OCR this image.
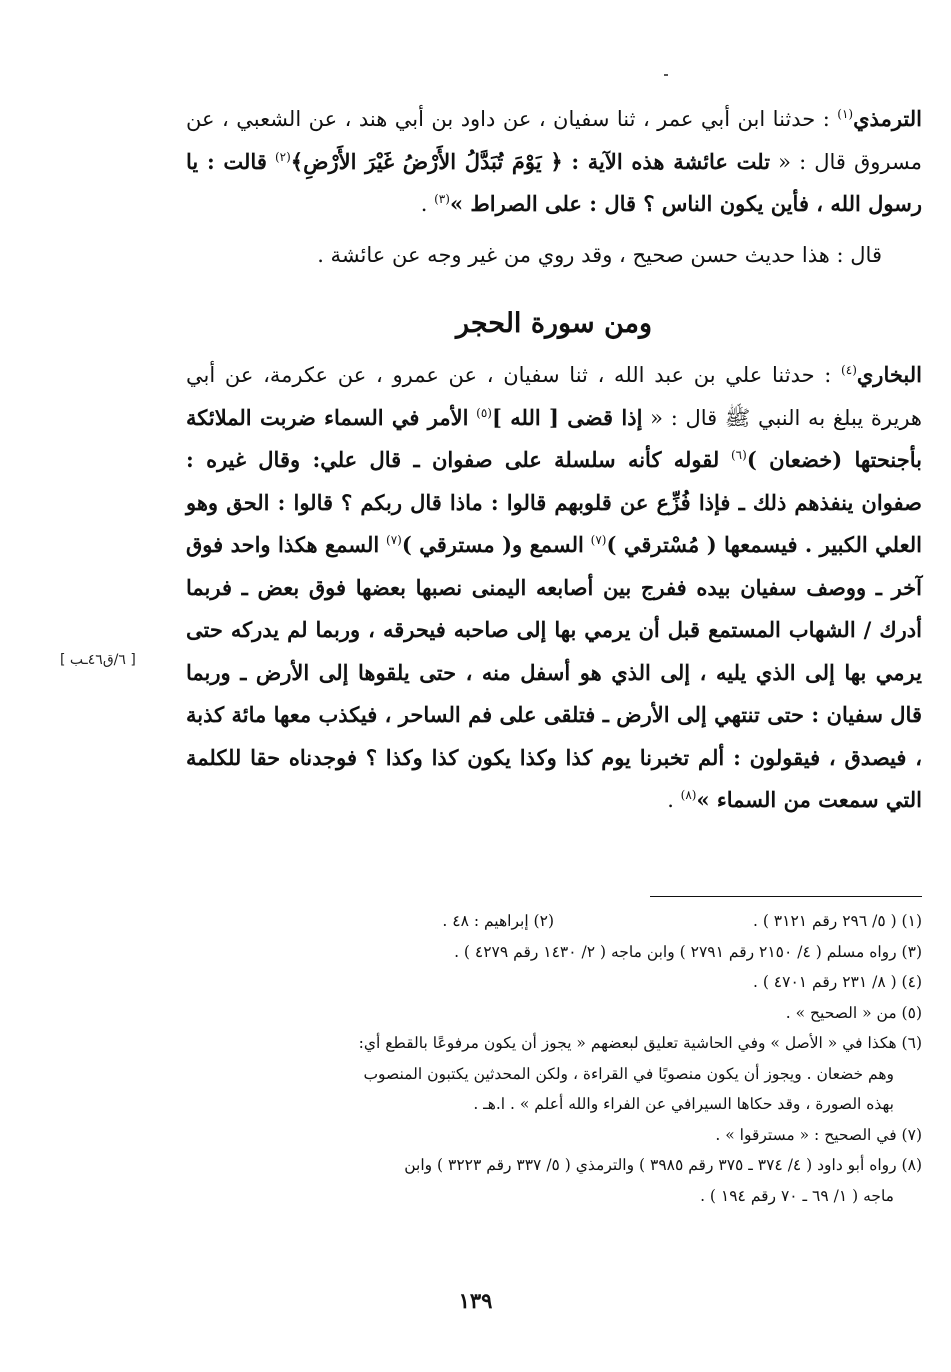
الترمذي$^{(١)}$ : حدثنا ابن أبي عمر ، ثنا سفيان ، عن داود بن أبي هند ، عن الشعبي ، عن مسروق قال : « تلت عائشة هذه الآية : ﴿ يَوْمَ تُبَدَّلُ الأَرْضُ غَيْرَ الأَرْضِ﴾$^{(٢)}$ قالت : يا رسول الله ، فأين يكون الناس ؟ قال : على الصراط »$^{(٣)}$ .

قال : هذا حديث حسن صحيح ، وقد روي من غير وجه عن عائشة .

ومن سورة الحجر

البخاري$^{(٤)}$ : حدثنا علي بن عبد الله ، ثنا سفيان ، عن عمرو ، عن عكرمة، عن أبي هريرة يبلغ به النبي ﷺ قال : « إذا قضى [ الله ]$^{(٥)}$ الأمر في السماء ضربت الملائكة بأجنحتها (خضعان )$^{(٦)}$ لقوله كأنه سلسلة على صفوان ـ قال علي: وقال غيره : صفوان ينفذهم ذلك ـ فإذا فُزِّع عن قلوبهم قالوا : ماذا قال ربكم ؟ قالوا : الحق وهو العلي الكبير . فيسمعها ( مُسْترقي )$^{(٧)}$ السمع و( مسترقي )$^{(٧)}$ السمع هكذا واحد فوق آخر ـ ووصف سفيان بيده ففرج بين أصابعه اليمنى نصبها بعضها فوق بعض ـ فربما أدرك / الشهاب المستمع قبل أن يرمي بها إلى صاحبه فيحرقه ، وربما لم يدركه حتى يرمي بها إلى الذي يليه ، إلى الذي هو أسفل منه ، حتى يلقوها إلى الأرض ـ وربما قال سفيان : حتى تنتهي إلى الأرض ـ فتلقى على فم الساحر ، فيكذب معها مائة كذبة ، فيصدق ، فيقولون : ألم تخبرنا يوم كذا وكذا يكون كذا وكذا ؟ فوجدناه حقا للكلمة التي سمعت من السماء »$^{(٨)}$ .

[ ٦/ق٤٦ـب ]

(١) ( ٥/ ٢٩٦ رقم ٣١٢١ ) .

(٢) إبراهيم : ٤٨ .

(٣) رواه مسلم ( ٤/ ٢١٥٠ رقم ٢٧٩١ ) وابن ماجه ( ٢/ ١٤٣٠ رقم ٤٢٧٩ ) .

(٤) ( ٨/ ٢٣١ رقم ٤٧٠١ ) .

(٥) من « الصحيح » .

(٦) هكذا في « الأصل » وفي الحاشية تعليق لبعضهم « يجوز أن يكون مرفوعًا بالقطع أي:

وهم خضعان . ويجوز أن يكون منصوبًا في القراءة ، ولكن المحدثين يكتبون المنصوب

بهذه الصورة ، وقد حكاها السيرافي عن الفراء والله أعلم » . ا.هـ .

(٧) في الصحيح : « مسترقوا » .

(٨) رواه أبو داود ( ٤/ ٣٧٤ ـ ٣٧٥ رقم ٣٩٨٥ ) والترمذي ( ٥/ ٣٣٧ رقم ٣٢٢٣ ) وابن

ماجه ( ١/ ٦٩ ـ ٧٠ رقم ١٩٤ ) .

١٣٩
